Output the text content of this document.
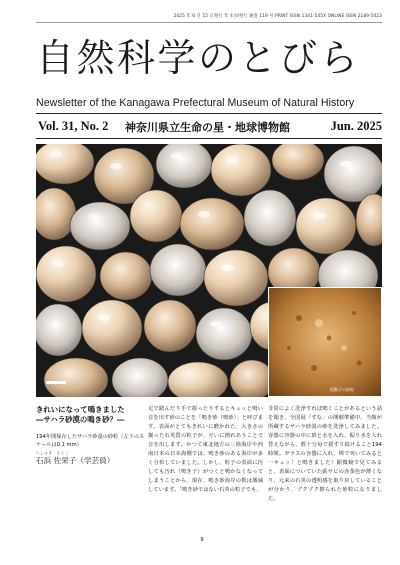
2025 年 6 月 15 日発行 年 4 回発行 通巻 119 号 PRINT ISSN 1341-545X ONLINE ISSN 2189-5023
自然科学のとびら
Newsletter of the Kanagawa Prefectural Museum of Natural History
Vol. 31, No. 2 神奈川県立生命の星・地球博物館	Jun. 2025
振動子の砂粒
きれいになって鳴きました
―サハラ砂漠の鳴き砂？―
194年間保存したサハラ砂漠の砂粒（左下のスケールは0.1 mm）
いしはま　さえこ
石浜 佐栄子（学芸員）
足で踏んだり手で握ったりするとキュッと鳴い音を出す砂のことを「鳴き砂（鳴砂）」と呼びます。表面がとてもきれいに磨かれた、大きさの揃った石英質の粒子が、互いに擦れあうことで音を出します。かつて東北地方の三陸海岸や西南日本の日本海側では、鳴き砂のある海岸が多く分布していました。しかし、粒子の表面に汚しても汚れ（鳴き子）がつくと鳴かなくなってしまうことから、現在、鳴き砂海岸の数は激減しています。「鳴き砂ではない石英の粒子でも、
非常によく洗浄すれば鳴くことがあるという話を聞き、全国展「すな」の開催準備中、当館が所蔵するサハラ砂漠の砂を洗浄してみました。容器に容器の中に砂と水を入れ、振り水を入れ替えながら、数十分毎で揺すり続けること194時間。ガラスの容器に入れ、棒で突いてみると一キュッ！と鳴きました！顕微鏡で見てみると、表面についていた鉄サビの赤茶色が薄くなり、元来の石英の透明感を取り戻していることが分かり、ブクブク擦られた砂粒になりました。
9
